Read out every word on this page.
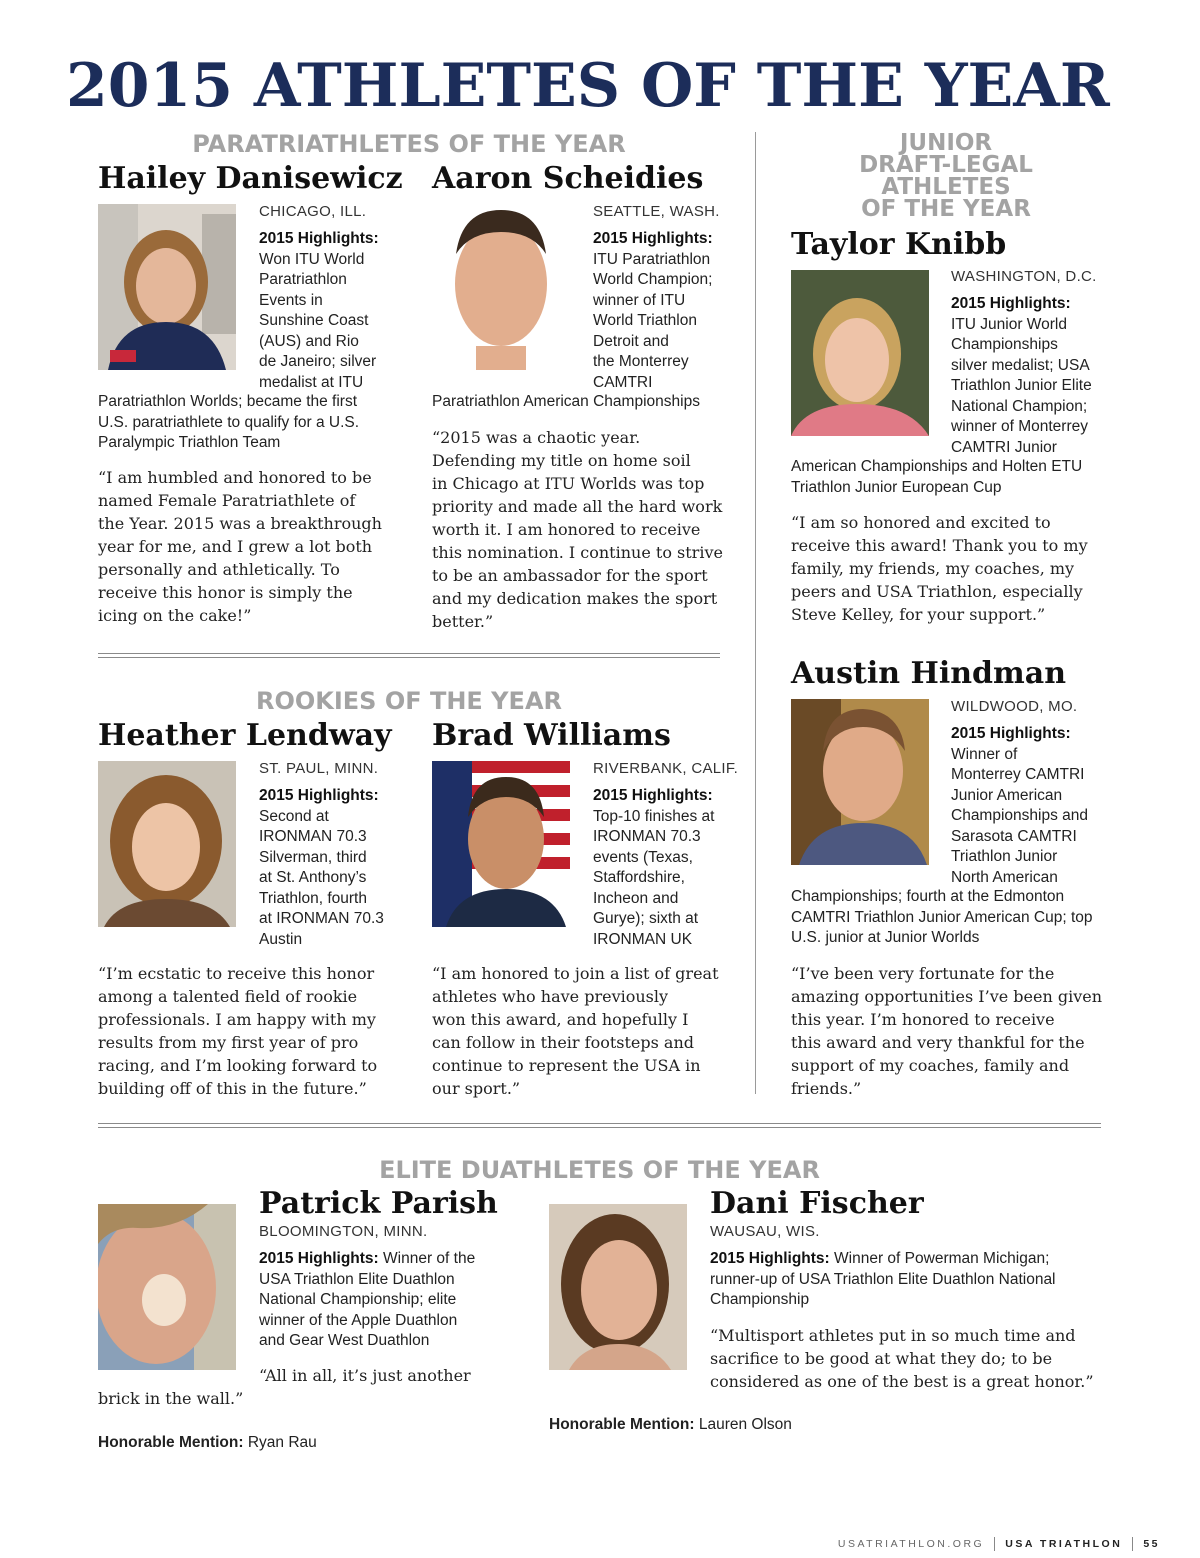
2015 ATHLETES OF THE YEAR
PARATRIATHLETES OF THE YEAR	JUNIOR
DRAFT-LEGAL
ATHLETES
OF THE YEAR
ROOKIES OF THE YEAR
ELITE DUATHLETES OF THE YEAR
Hailey Danisewicz
CHICAGO, ILL.
2015 Highlights:
Won ITU World
Paratriathlon
Events in
Sunshine Coast
(AUS) and Rio
de Janeiro; silver
medalist at ITU
Paratriathlon Worlds; became the first
U.S. paratriathlete to qualify for a U.S.
Paralympic Triathlon Team
“I am humbled and honored to be
named Female Paratriathlete of
the Year. 2015 was a breakthrough
year for me, and I grew a lot both
personally and athletically. To
receive this honor is simply the
icing on the cake!”
Aaron Scheidies
SEATTLE, WASH.
2015 Highlights:
ITU Paratriathlon
World Champion;
winner of ITU
World Triathlon
Detroit and
the Monterrey
CAMTRI
Paratriathlon American Championships
“2015 was a chaotic year.
Defending my title on home soil
in Chicago at ITU Worlds was top
priority and made all the hard work
worth it. I am honored to receive
this nomination. I continue to strive
to be an ambassador for the sport
and my dedication makes the sport
better.”
Taylor Knibb
WASHINGTON, D.C.
2015 Highlights:
ITU Junior World
Championships
silver medalist; USA
Triathlon Junior Elite
National Champion;
winner of Monterrey
CAMTRI Junior
American Championships and Holten ETU
Triathlon Junior European Cup
“I am so honored and excited to
receive this award! Thank you to my
family, my friends, my coaches, my
peers and USA Triathlon, especially
Steve Kelley, for your support.”
Heather Lendway
ST. PAUL, MINN.
2015 Highlights:
Second at
IRONMAN 70.3
Silverman, third
at St. Anthony’s
Triathlon, fourth
at IRONMAN 70.3
Austin
“I’m ecstatic to receive this honor
among a talented field of rookie
professionals. I am happy with my
results from my first year of pro
racing, and I’m looking forward to
building off of this in the future.”
Brad Williams
RIVERBANK, CALIF.
2015 Highlights:
Top-10 finishes at
IRONMAN 70.3
events (Texas,
Staffordshire,
Incheon and
Gurye); sixth at
IRONMAN UK
“I am honored to join a list of great
athletes who have previously
won this award, and hopefully I
can follow in their footsteps and
continue to represent the USA in
our sport.”
Austin Hindman
WILDWOOD, MO.
2015 Highlights:
Winner of
Monterrey CAMTRI
Junior American
Championships and
Sarasota CAMTRI
Triathlon Junior
North American
Championships; fourth at the Edmonton
CAMTRI Triathlon Junior American Cup; top
U.S. junior at Junior Worlds
“I’ve been very fortunate for the
amazing opportunities I’ve been given
this year. I’m honored to receive
this award and very thankful for the
support of my coaches, family and
friends.”
Patrick Parish
BLOOMINGTON, MINN.
2015 Highlights: Winner of the
USA Triathlon Elite Duathlon
National Championship; elite
winner of the Apple Duathlon
and Gear West Duathlon
“All in all, it’s just another
brick in the wall.”
Honorable Mention: Ryan Rau
Dani Fischer
WAUSAU, WIS.
2015 Highlights: Winner of Powerman Michigan;
runner-up of USA Triathlon Elite Duathlon National
Championship
“Multisport athletes put in so much time and
sacrifice to be good at what they do; to be
considered as one of the best is a great honor.”
Honorable Mention: Lauren Olson
USATRIATHLON.ORG USA TRIATHLON 55
